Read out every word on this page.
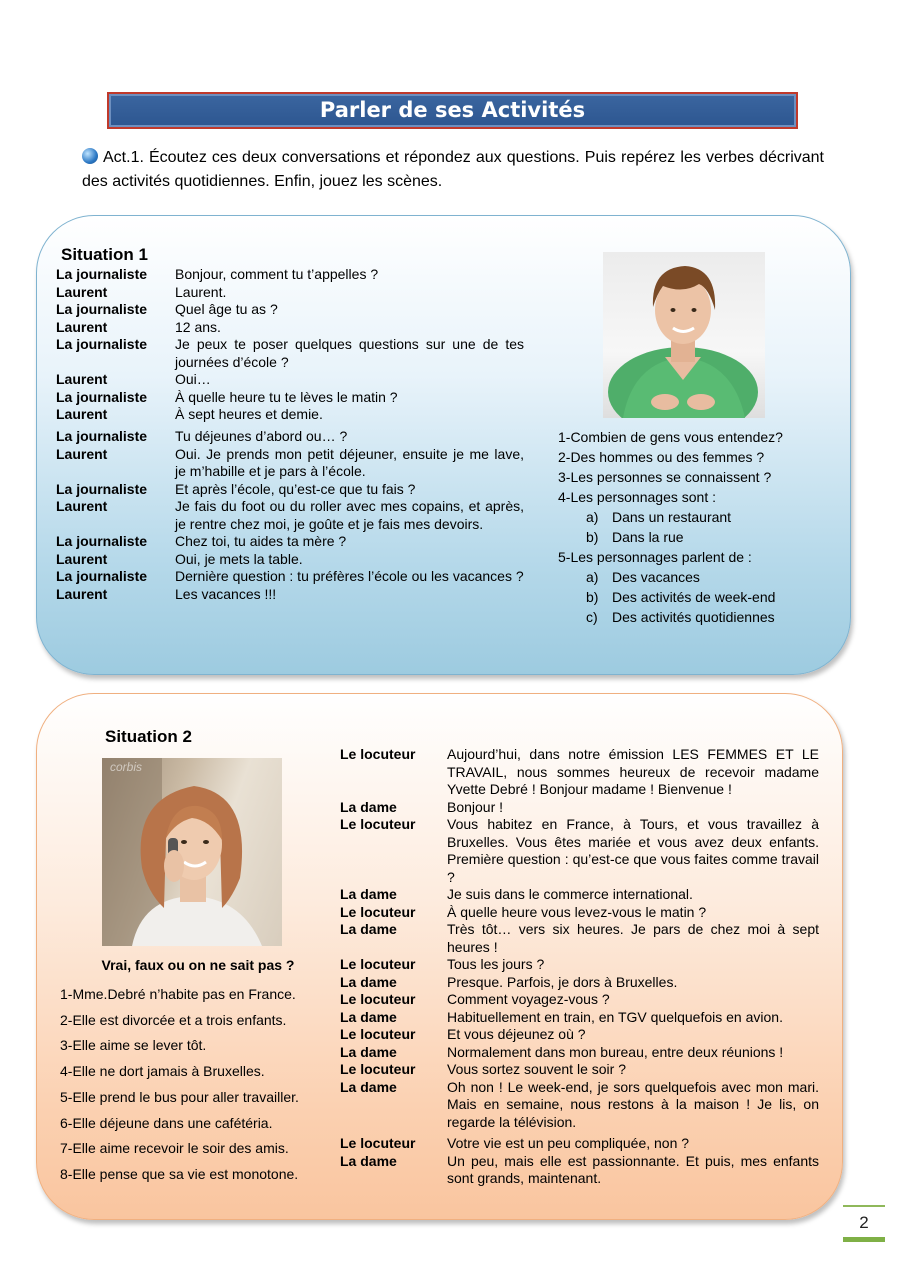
Parler de ses Activités
Act.1. Écoutez ces deux conversations et répondez aux questions. Puis repérez les verbes décrivant des activités quotidiennes. Enfin, jouez les scènes.
Situation 1
La journaliste	Bonjour, comment tu t’appelles ?
Laurent	Laurent.
La journaliste	Quel âge tu as ?
Laurent	12 ans.
La journaliste	Je peux te poser quelques questions sur une de tes journées d’école ?
Laurent	Oui…
La journaliste	À quelle heure tu te lèves le matin ?
Laurent	À sept heures et demie.
La journaliste	Tu déjeunes d’abord ou… ?
Laurent	Oui. Je prends mon petit déjeuner, ensuite je me lave, je m’habille et je pars à l’école.
La journaliste	Et après l’école, qu’est-ce que tu fais ?
Laurent	Je fais du foot ou du roller avec mes copains, et après, je rentre chez moi, je goûte et je fais mes devoirs.
La journaliste	Chez toi, tu aides ta mère ?
Laurent	Oui, je mets la table.
La journaliste	Dernière question : tu préfères l’école ou les vacances ?
Laurent	Les vacances !!!
1-Combien de gens vous entendez?
2-Des hommes ou des femmes ?
3-Les personnes se connaissent ?
4-Les personnages sont :
a) Dans un restaurant
b) Dans la rue
5-Les personnages parlent de :
a) Des vacances
b) Des activités de week-end
c) Des activités quotidiennes
Situation 2
corbis
Le locuteur	Aujourd’hui, dans notre émission LES FEMMES ET LE TRAVAIL, nous sommes heureux de recevoir madame Yvette Debré ! Bonjour madame ! Bienvenue !
La dame	Bonjour !
Le locuteur	Vous habitez en France, à Tours, et vous travaillez à Bruxelles. Vous êtes mariée et vous avez deux enfants. Première question : qu’est-ce que vous faites comme travail ?
La dame	Je suis dans le commerce international.
Le locuteur	À quelle heure vous levez-vous le matin ?
La dame	Très tôt… vers six heures. Je pars de chez moi à sept heures !
Le locuteur	Tous les jours ?
La dame	Presque. Parfois, je dors à Bruxelles.
Le locuteur	Comment voyagez-vous ?
La dame	Habituellement en train, en TGV quelquefois en avion.
Le locuteur	Et vous déjeunez où ?
La dame	Normalement dans mon bureau, entre deux réunions !
Le locuteur	Vous sortez souvent le soir ?
La dame	Oh non ! Le week-end, je sors quelquefois avec mon mari. Mais en semaine, nous restons à la maison ! Je lis, on regarde la télévision.
Le locuteur	Votre vie est un peu compliquée, non ?
La dame	Un peu, mais elle est passionnante. Et puis, mes enfants sont grands, maintenant.
Vrai, faux ou on ne sait pas ?
1-Mme.Debré n’habite pas en France.
2-Elle est divorcée et a trois enfants.
3-Elle aime se lever tôt.
4-Elle ne dort jamais à Bruxelles.
5-Elle prend le bus pour aller travailler.
6-Elle déjeune dans une cafétéria.
7-Elle aime recevoir le soir des amis.
8-Elle pense que sa vie est monotone.
2
